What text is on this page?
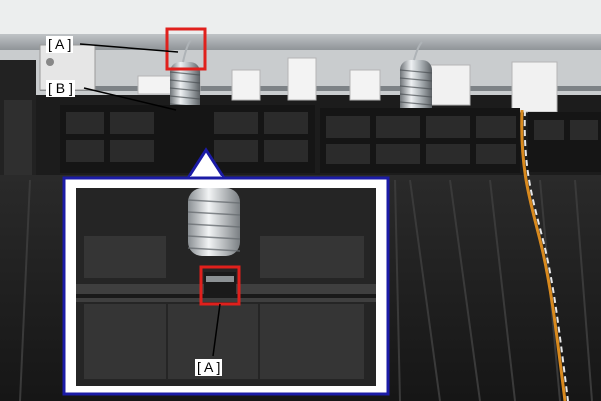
[ A ]
[ B ]
[ A ]
